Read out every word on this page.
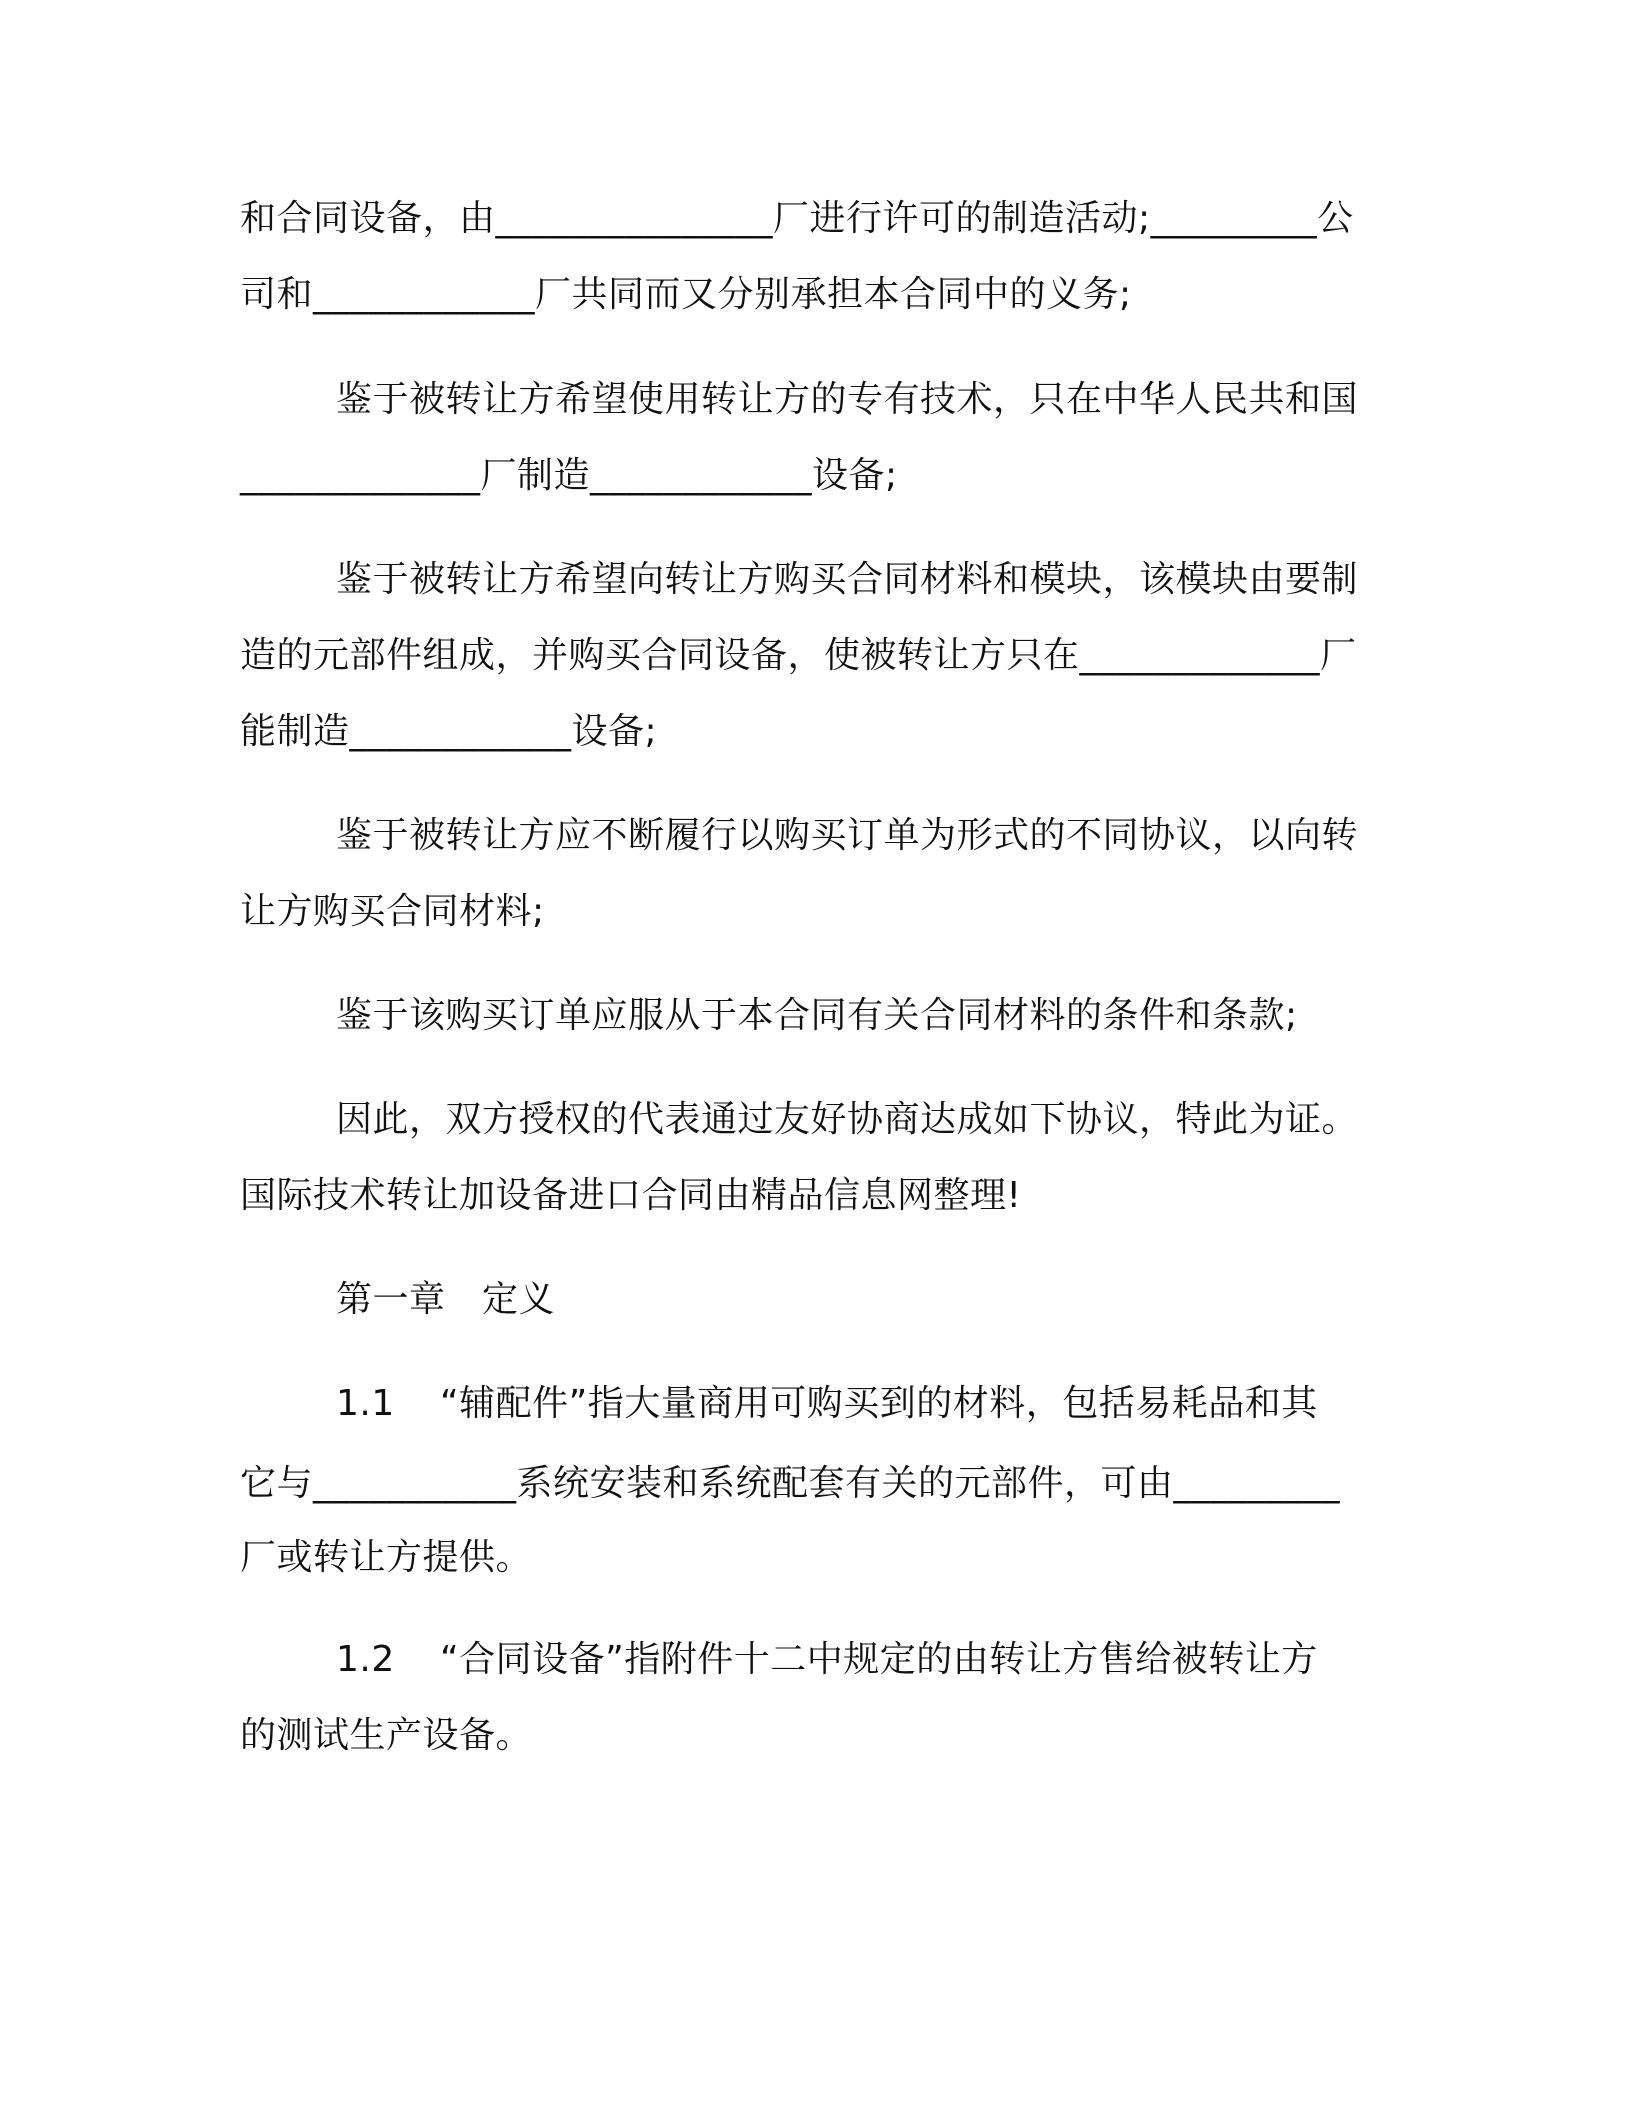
和合同设备，由_______________厂进行许可的制造活动;_________公

司和____________厂共同而又分别承担本合同中的义务;

鉴于被转让方希望使用转让方的专有技术，只在中华人民共和国

_____________厂制造____________设备;

鉴于被转让方希望向转让方购买合同材料和模块，该模块由要制

造的元部件组成，并购买合同设备，使被转让方只在_____________厂

能制造____________设备;

鉴于被转让方应不断履行以购买订单为形式的不同协议，以向转

让方购买合同材料;

鉴于该购买订单应服从于本合同有关合同材料的条件和条款;

因此，双方授权的代表通过友好协商达成如下协议，特此为证。

国际技术转让加设备进口合同由精品信息网整理!

第一章　定义

1.1 “辅配件”指大量商用可购买到的材料，包括易耗品和其

它与___________系统安装和系统配套有关的元部件，可由_________

厂或转让方提供。

1.2 “合同设备”指附件十二中规定的由转让方售给被转让方

的测试生产设备。
